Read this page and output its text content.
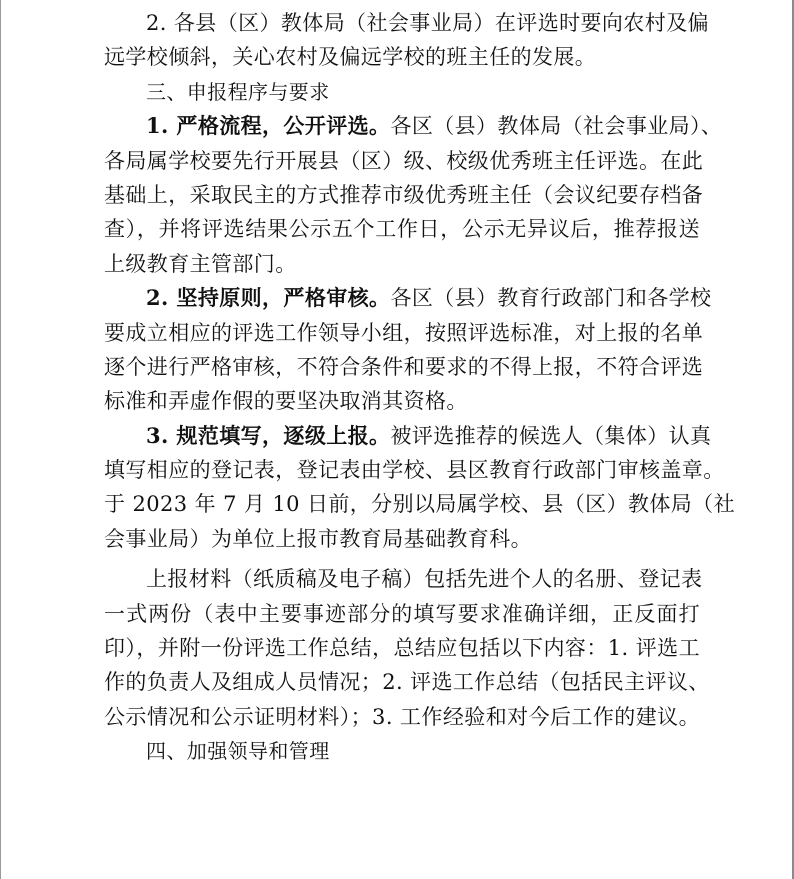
2. 各县（区）教体局（社会事业局）在评选时要向农村及偏
远学校倾斜，关心农村及偏远学校的班主任的发展。
三、申报程序与要求
1. 严格流程，公开评选。各区（县）教体局（社会事业局）、
各局属学校要先行开展县（区）级、校级优秀班主任评选。在此
基础上，采取民主的方式推荐市级优秀班主任（会议纪要存档备
查），并将评选结果公示五个工作日，公示无异议后，推荐报送
上级教育主管部门。
2. 坚持原则，严格审核。各区（县）教育行政部门和各学校
要成立相应的评选工作领导小组，按照评选标准，对上报的名单
逐个进行严格审核，不符合条件和要求的不得上报，不符合评选
标准和弄虚作假的要坚决取消其资格。
3. 规范填写，逐级上报。被评选推荐的候选人（集体）认真
填写相应的登记表，登记表由学校、县区教育行政部门审核盖章。
于 2023 年 7 月 10 日前，分别以局属学校、县（区）教体局（社
会事业局）为单位上报市教育局基础教育科。
上报材料（纸质稿及电子稿）包括先进个人的名册、登记表
一式两份（表中主要事迹部分的填写要求准确详细，正反面打
印），并附一份评选工作总结，总结应包括以下内容：1. 评选工
作的负责人及组成人员情况；2. 评选工作总结（包括民主评议、
公示情况和公示证明材料）；3. 工作经验和对今后工作的建议。
四、加强领导和管理
